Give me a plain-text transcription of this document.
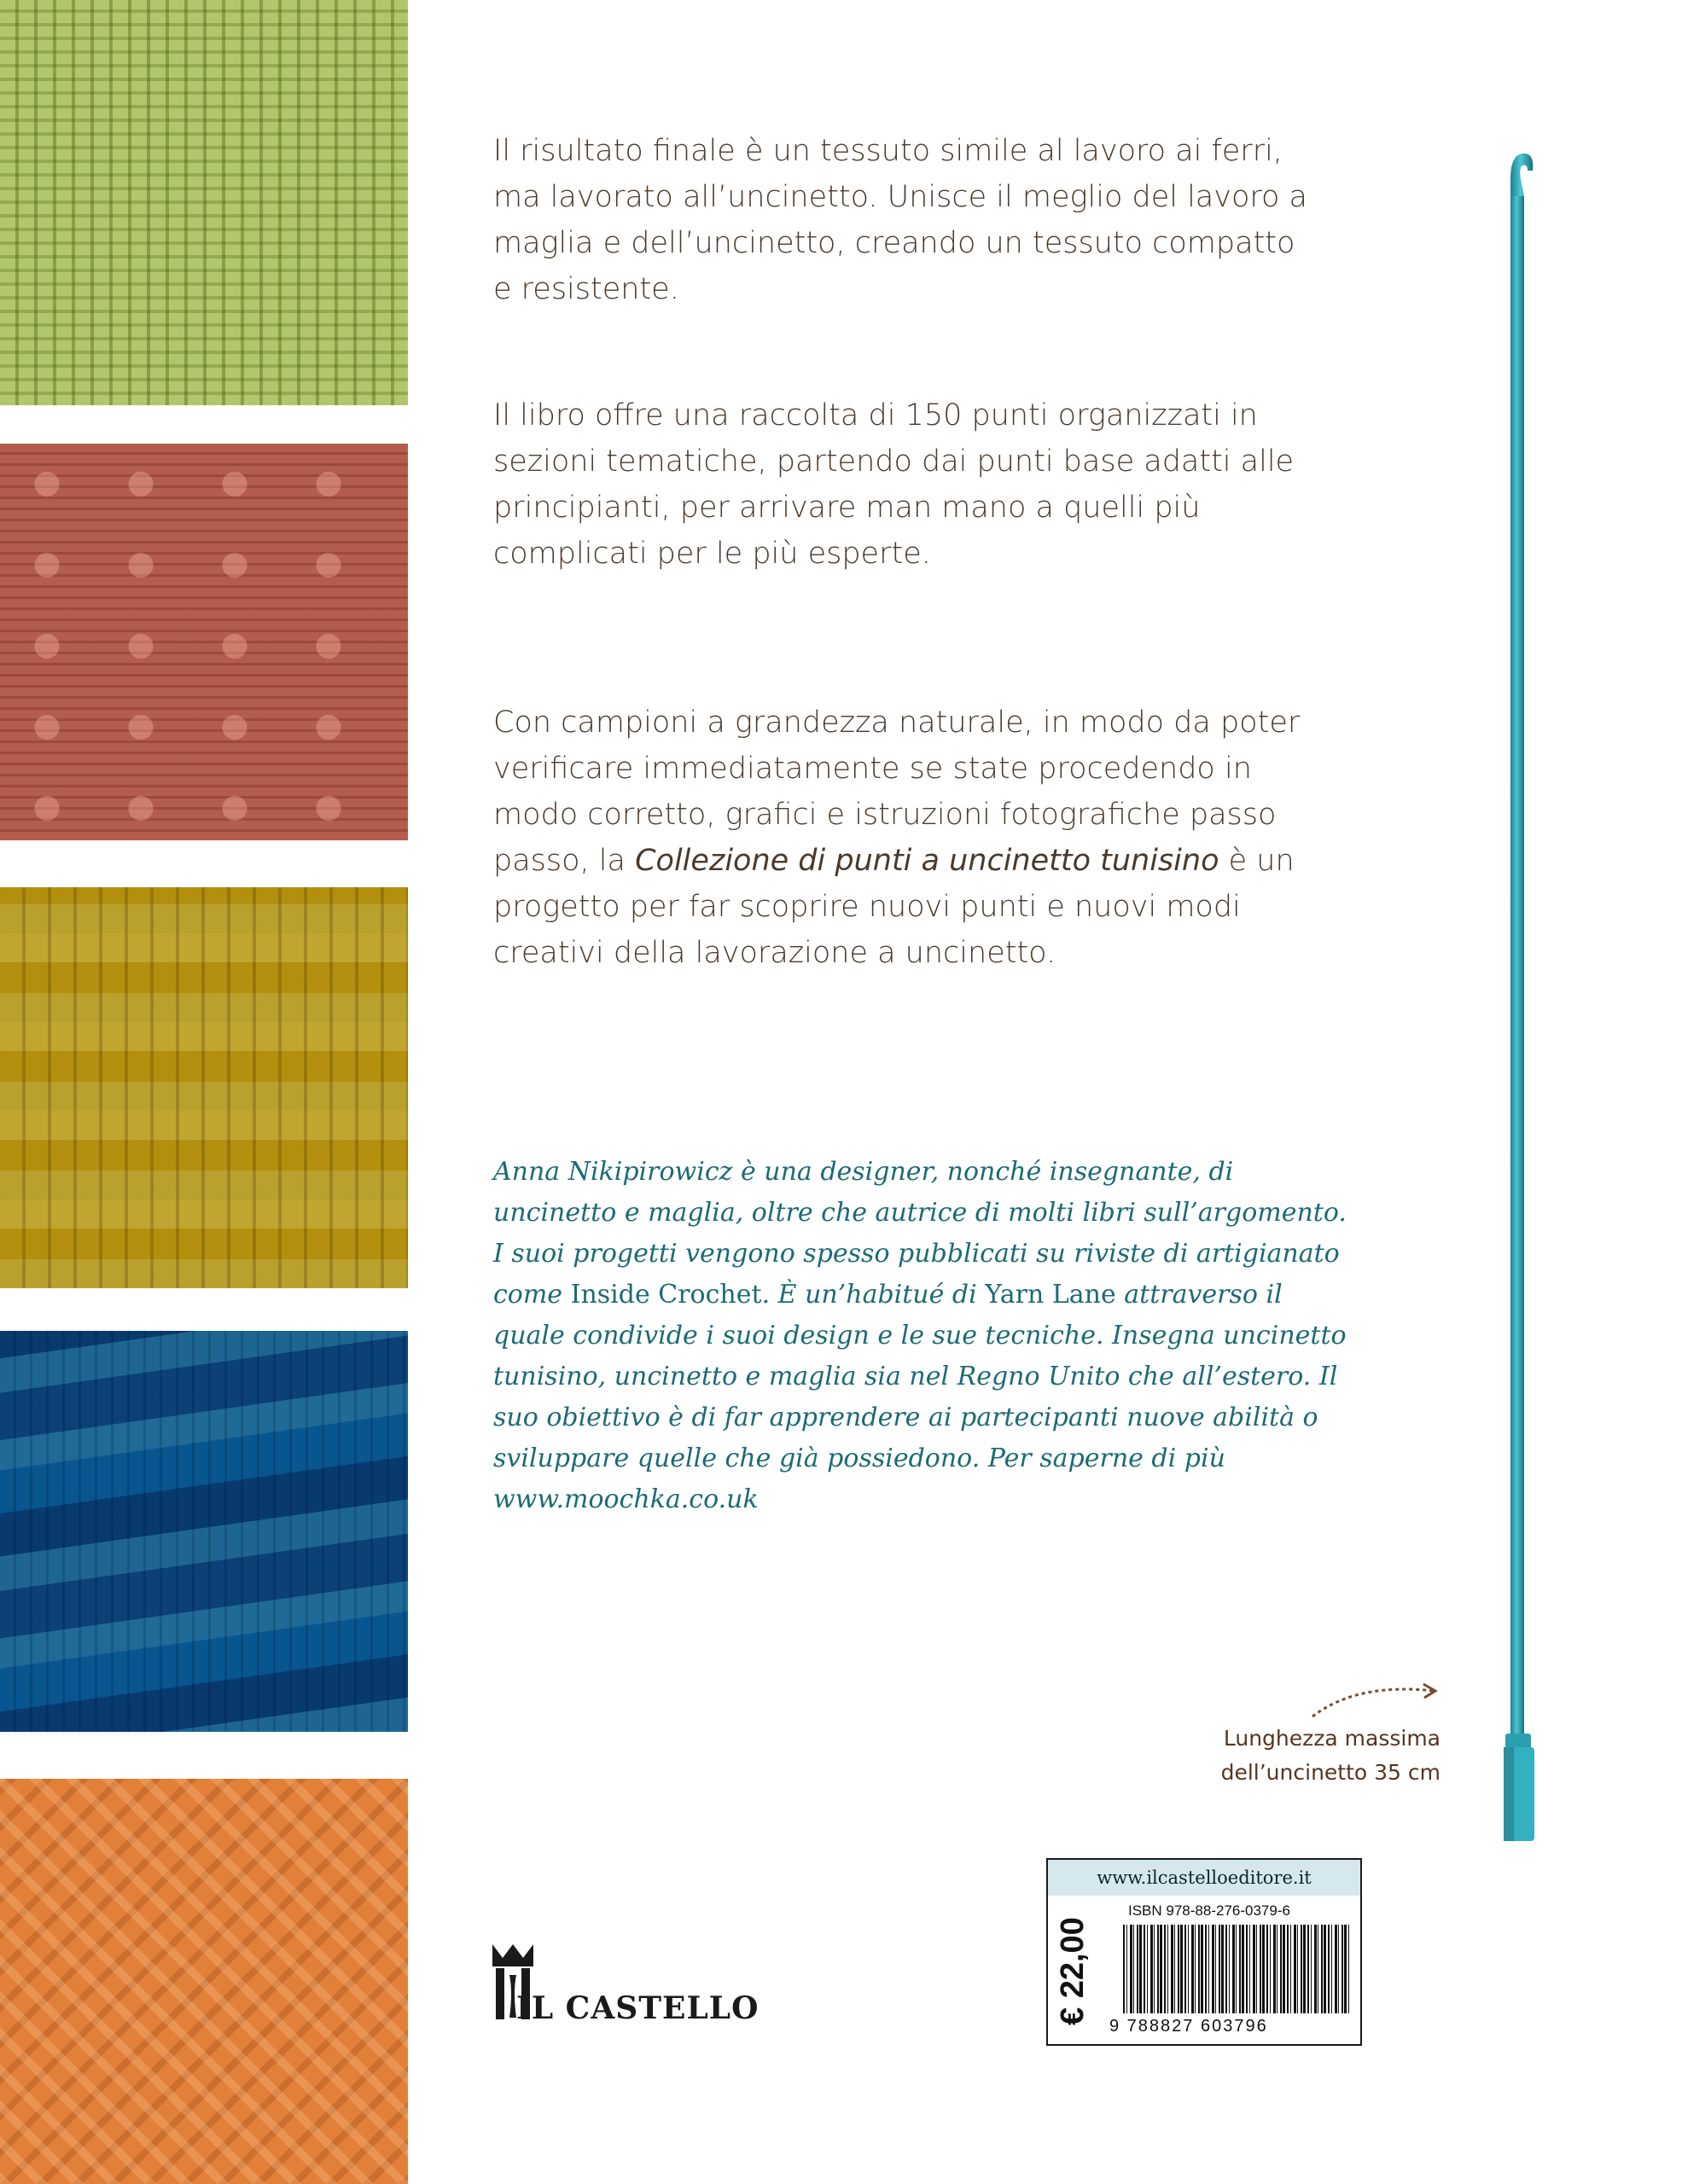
Il risultato finale è un tessuto simile al lavoro ai ferri, ma lavorato all’uncinetto. Unisce il meglio del lavoro a maglia e dell’uncinetto, creando un tessuto compatto e resistente.

Il libro offre una raccolta di 150 punti organizzati in sezioni tematiche, partendo dai punti base adatti alle principianti, per arrivare man mano a quelli più complicati per le più esperte.

Con campioni a grandezza naturale, in modo da poter verificare immediatamente se state procedendo in modo corretto, grafici e istruzioni fotografiche passo passo, la Collezione di punti a uncinetto tunisino è un progetto per far scoprire nuovi punti e nuovi modi creativi della lavorazione a uncinetto.

Anna Nikipirowicz è una designer, nonché insegnante, di uncinetto e maglia, oltre che autrice di molti libri sull’argomento. I suoi progetti vengono spesso pubblicati su riviste di artigianato come Inside Crochet. È un’habitué di Yarn Lane attraverso il quale condivide i suoi design e le sue tecniche. Insegna uncinetto tunisino, uncinetto e maglia sia nel Regno Unito che all’estero. Il suo obiettivo è di far apprendere ai partecipanti nuove abilità o sviluppare quelle che già possiedono. Per saperne di più www.moochka.co.uk

Lunghezza massima
dell’uncinetto 35 cm

IL CASTELLO

www.ilcastelloeditore.it
€ 22,00
ISBN 978-88-276-0379-6
9 788827 603796
